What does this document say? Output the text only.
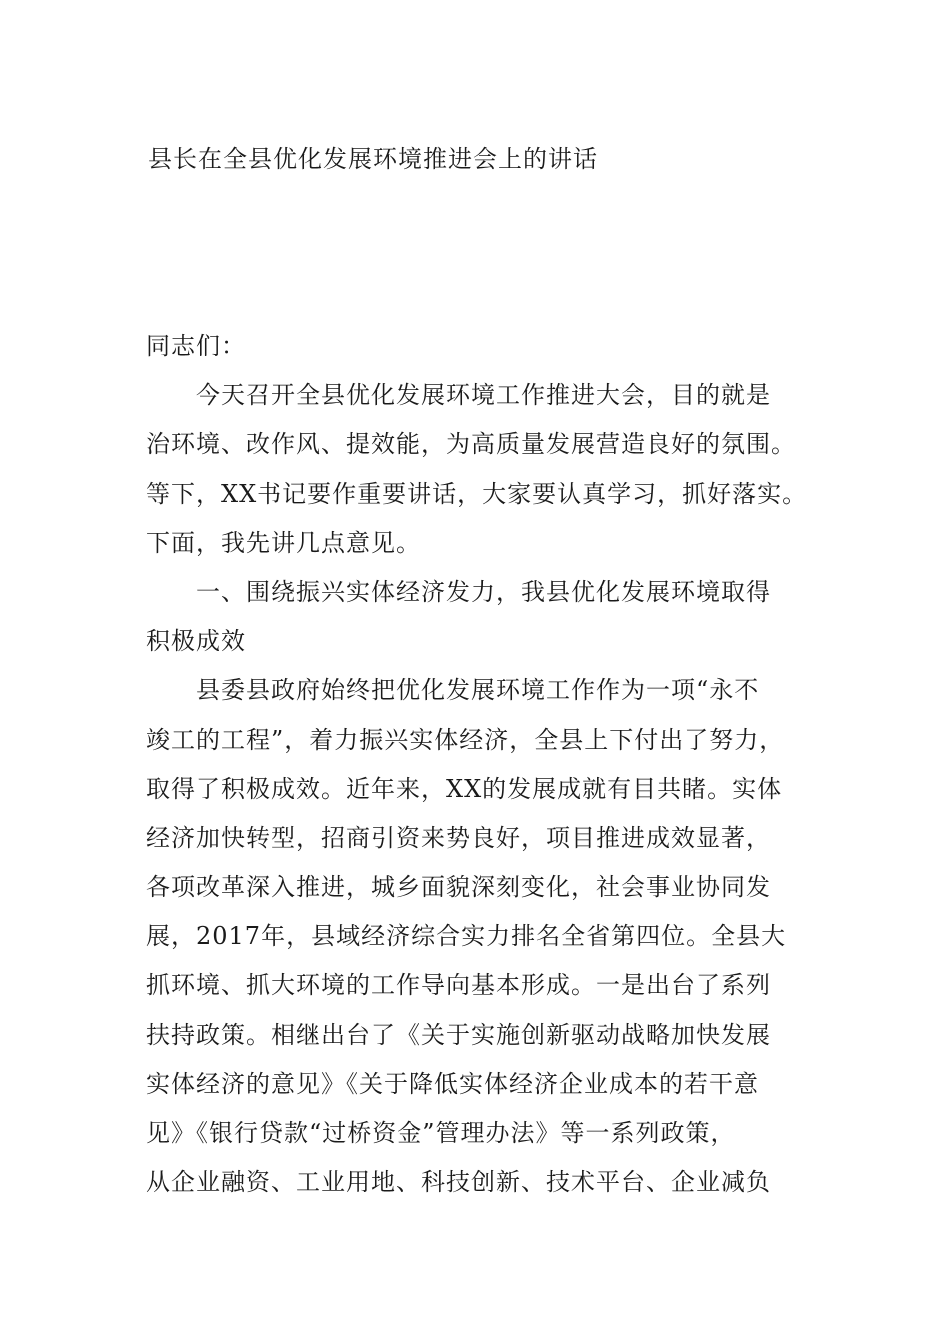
县长在全县优化发展环境推进会上的讲话
同志们：
　　今天召开全县优化发展环境工作推进大会，目的就是
治环境、改作风、提效能，为高质量发展营造良好的氛围。
等下，XX书记要作重要讲话，大家要认真学习，抓好落实。
下面，我先讲几点意见。
　　一、围绕振兴实体经济发力，我县优化发展环境取得
积极成效
　　县委县政府始终把优化发展环境工作作为一项“永不
竣工的工程”，着力振兴实体经济，全县上下付出了努力，
取得了积极成效。近年来，XX的发展成就有目共睹。实体
经济加快转型，招商引资来势良好，项目推进成效显著，
各项改革深入推进，城乡面貌深刻变化，社会事业协同发
展，2017年，县域经济综合实力排名全省第四位。全县大
抓环境、抓大环境的工作导向基本形成。一是出台了系列
扶持政策。相继出台了《关于实施创新驱动战略加快发展
实体经济的意见》《关于降低实体经济企业成本的若干意
见》《银行贷款“过桥资金”管理办法》等一系列政策，
从企业融资、工业用地、科技创新、技术平台、企业减负
